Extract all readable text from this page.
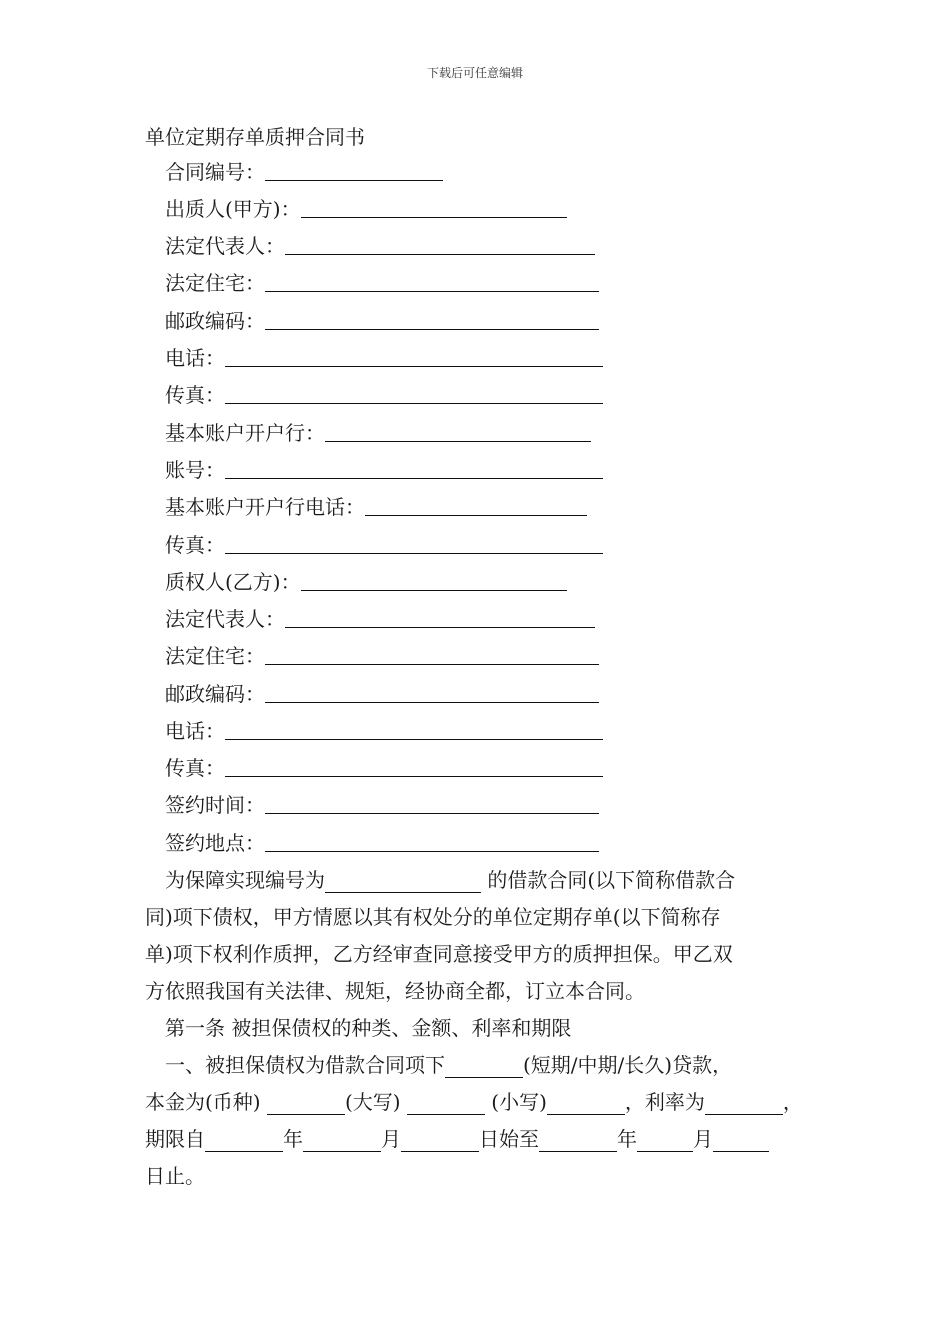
下载后可任意编辑
单位定期存单质押合同书
合同编号：
出质人(甲方)：
法定代表人：
法定住宅：
邮政编码：
电话：
传真：
基本账户开户行：
账号：
基本账户开户行电话：
传真：
质权人(乙方)：
法定代表人：
法定住宅：
邮政编码：
电话：
传真：
签约时间：
签约地点：
　为保障实现编号为	的借款合同(以下简称借款合
同)项下债权，甲方情愿以其有权处分的单位定期存单(以下简称存
单)项下权利作质押，乙方经审查同意接受甲方的质押担保。甲乙双
方依照我国有关法律、规矩，经协商全都，订立本合同。
第一条 被担保债权的种类、金额、利率和期限
　一、被担保债权为借款合同项下	(短期/中期/长久)贷款，
本金为(币种)	(大写)	(小写)	，利率为	，
期限自	年	月	日始至	年	月
日止。
